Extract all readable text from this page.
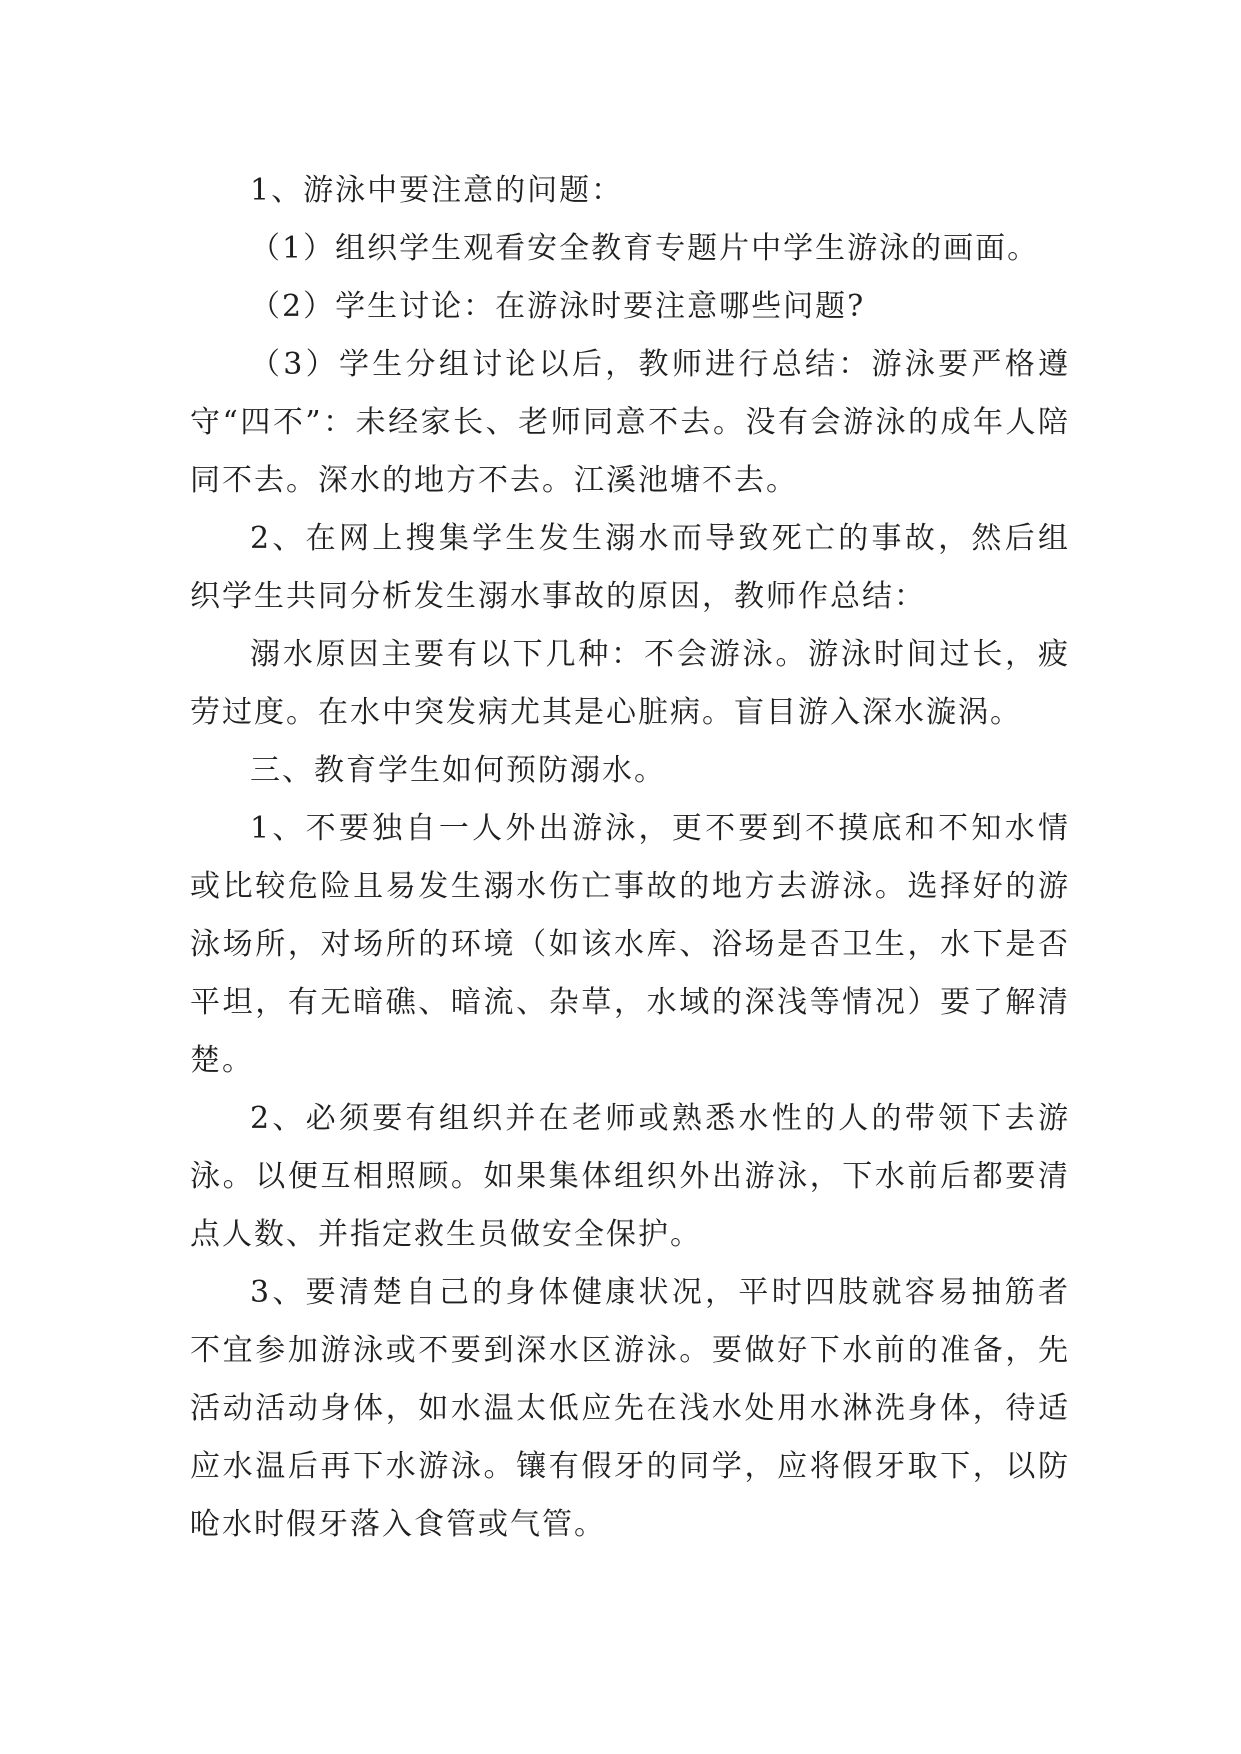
1、游泳中要注意的问题：

（1）组织学生观看安全教育专题片中学生游泳的画面。

（2）学生讨论：在游泳时要注意哪些问题?

（3）学生分组讨论以后，教师进行总结：游泳要严格遵守“四不”：未经家长、老师同意不去。没有会游泳的成年人陪同不去。深水的地方不去。江溪池塘不去。

2、在网上搜集学生发生溺水而导致死亡的事故，然后组织学生共同分析发生溺水事故的原因，教师作总结：

溺水原因主要有以下几种：不会游泳。游泳时间过长，疲劳过度。在水中突发病尤其是心脏病。盲目游入深水漩涡。

三、教育学生如何预防溺水。

1、不要独自一人外出游泳，更不要到不摸底和不知水情或比较危险且易发生溺水伤亡事故的地方去游泳。选择好的游泳场所，对场所的环境（如该水库、浴场是否卫生，水下是否平坦，有无暗礁、暗流、杂草，水域的深浅等情况）要了解清楚。

2、必须要有组织并在老师或熟悉水性的人的带领下去游泳。以便互相照顾。如果集体组织外出游泳，下水前后都要清点人数、并指定救生员做安全保护。

3、要清楚自己的身体健康状况，平时四肢就容易抽筋者不宜参加游泳或不要到深水区游泳。要做好下水前的准备，先活动活动身体，如水温太低应先在浅水处用水淋洗身体，待适应水温后再下水游泳。镶有假牙的同学，应将假牙取下，以防呛水时假牙落入食管或气管。
